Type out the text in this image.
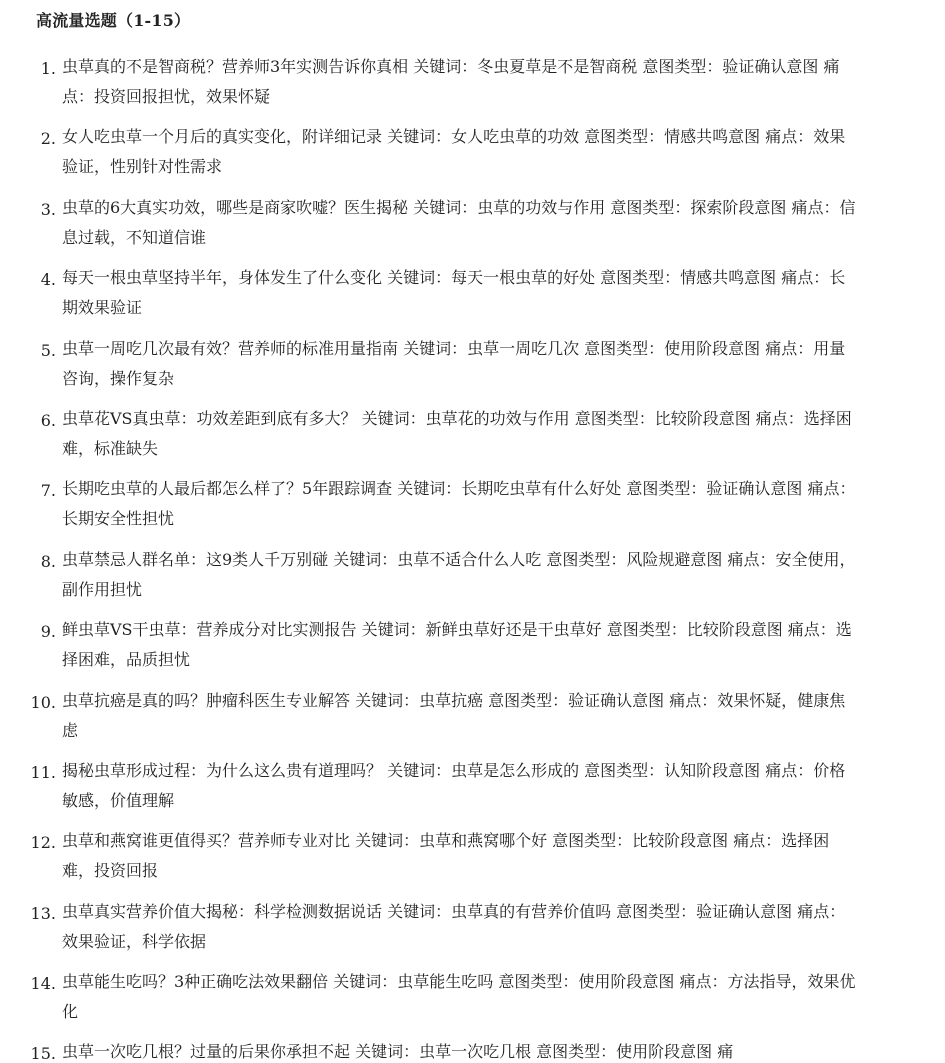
高流量选题（1-15）
1. 虫草真的不是智商税？营养师3年实测告诉你真相 关键词：冬虫夏草是不是智商税 意图类型：验证确认意图 痛点：投资回报担忧，效果怀疑
2. 女人吃虫草一个月后的真实变化，附详细记录 关键词：女人吃虫草的功效 意图类型：情感共鸣意图 痛点：效果验证，性别针对性需求
3. 虫草的6大真实功效，哪些是商家吹嘘？医生揭秘 关键词：虫草的功效与作用 意图类型：探索阶段意图 痛点：信息过载，不知道信谁
4. 每天一根虫草坚持半年，身体发生了什么变化 关键词：每天一根虫草的好处 意图类型：情感共鸣意图 痛点：长期效果验证
5. 虫草一周吃几次最有效？营养师的标准用量指南 关键词：虫草一周吃几次 意图类型：使用阶段意图 痛点：用量咨询，操作复杂
6. 虫草花VS真虫草：功效差距到底有多大？ 关键词：虫草花的功效与作用 意图类型：比较阶段意图 痛点：选择困难，标准缺失
7. 长期吃虫草的人最后都怎么样了？5年跟踪调查 关键词：长期吃虫草有什么好处 意图类型：验证确认意图 痛点：长期安全性担忧
8. 虫草禁忌人群名单：这9类人千万别碰 关键词：虫草不适合什么人吃 意图类型：风险规避意图 痛点：安全使用，副作用担忧
9. 鲜虫草VS干虫草：营养成分对比实测报告 关键词：新鲜虫草好还是干虫草好 意图类型：比较阶段意图 痛点：选择困难，品质担忧
10. 虫草抗癌是真的吗？肿瘤科医生专业解答 关键词：虫草抗癌 意图类型：验证确认意图 痛点：效果怀疑，健康焦虑
11. 揭秘虫草形成过程：为什么这么贵有道理吗？ 关键词：虫草是怎么形成的 意图类型：认知阶段意图 痛点：价格敏感，价值理解
12. 虫草和燕窝谁更值得买？营养师专业对比 关键词：虫草和燕窝哪个好 意图类型：比较阶段意图 痛点：选择困难，投资回报
13. 虫草真实营养价值大揭秘：科学检测数据说话 关键词：虫草真的有营养价值吗 意图类型：验证确认意图 痛点：效果验证，科学依据
14. 虫草能生吃吗？3种正确吃法效果翻倍 关键词：虫草能生吃吗 意图类型：使用阶段意图 痛点：方法指导，效果优化
15. 虫草一次吃几根？过量的后果你承担不起 关键词：虫草一次吃几根 意图类型：使用阶段意图 痛
